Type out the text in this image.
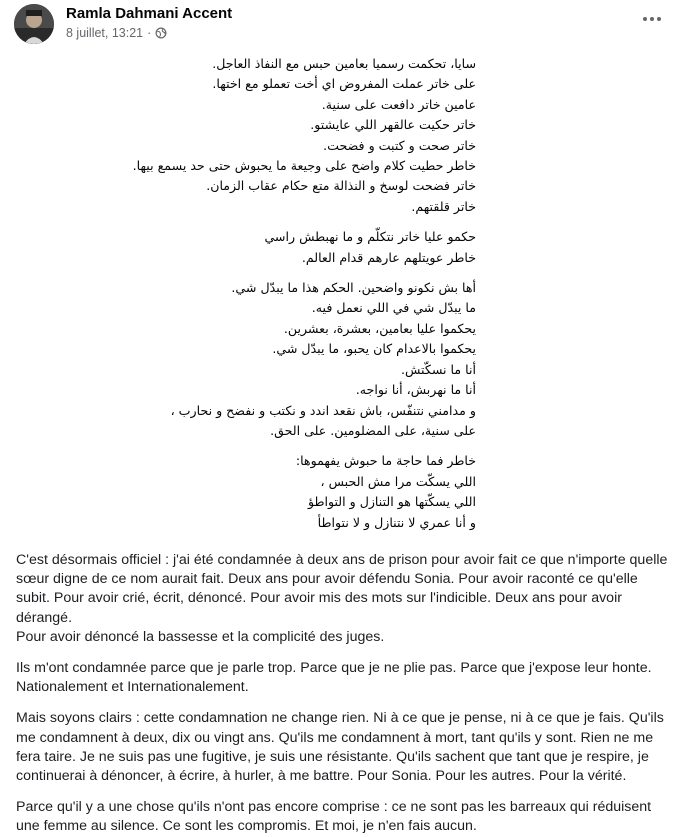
Ramla Dahmani Accent
8 juillet, 13:21 ·

سايا، تحكمت رسميا بعامين حبس مع النفاذ العاجل.

على خاتر عملت المفروض اي أخت تعملو مع اختها.

عامين خاتر دافعت على سنية.

خاتر حكيت عالقهر اللي عايشتو.

خاتر صحت و كتبت و فضحت.

خاطر حطيت كلام واضح على وجيعة ما يحبوش حتى حد يسمع بيها.

خاتر فضحت لوسخ و النذالة متع حكام عقاب الزمان.

خاتر قلقتهم.

حكمو عليا خاتر نتكلّم و ما نهبطش راسي

خاطر عويتلهم عارهم قدام العالم.

أها بش نكونو واضحين. الحكم هذا ما يبدّل شي.

ما يبدّل شي في اللي نعمل فيه.

يحكموا عليا بعامين، بعشرة، بعشرين.

يحكموا بالاعدام كان يحبو، ما يبدّل شي.

أنا ما نسكّتش.

أنا ما نهربش، أنا نواجه.

و مدامني نتنفّس، باش نقعد اندد و نكتب و نفضح و نحارب ،

على سنية، على المضلومين. على الحق.

خاطر فما حاجة ما حبوش يفهموها:

اللي يسكّت مرا مش الحبس ،

اللي يسكّتها هو التنازل و التواطؤ

و أنا عمري لا نتنازل و لا نتواطأ

C'est désormais officiel : j'ai été condamnée à deux ans de prison pour avoir fait ce que n'importe quelle sœur digne de ce nom aurait fait. Deux ans pour avoir défendu Sonia. Pour avoir raconté ce qu'elle subit. Pour avoir crié, écrit, dénoncé. Pour avoir mis des mots sur l'indicible. Deux ans pour avoir dérangé.

Pour avoir dénoncé la bassesse et la complicité des juges.

Ils m'ont condamnée parce que je parle trop. Parce que je ne plie pas. Parce que j'expose leur honte. Nationalement et Internationalement.

Mais soyons clairs : cette condamnation ne change rien. Ni à ce que je pense, ni à ce que je fais. Qu'ils me condamnent à deux, dix ou vingt ans. Qu'ils me condamnent à mort, tant qu'ils y sont. Rien ne me fera taire. Je ne suis pas une fugitive, je suis une résistante. Qu'ils sachent que tant que je respire, je continuerai à dénoncer, à écrire, à hurler, à me battre. Pour Sonia. Pour les autres. Pour la vérité.

Parce qu'il y a une chose qu'ils n'ont pas encore comprise : ce ne sont pas les barreaux qui réduisent une femme au silence. Ce sont les compromis. Et moi, je n'en fais aucun.
